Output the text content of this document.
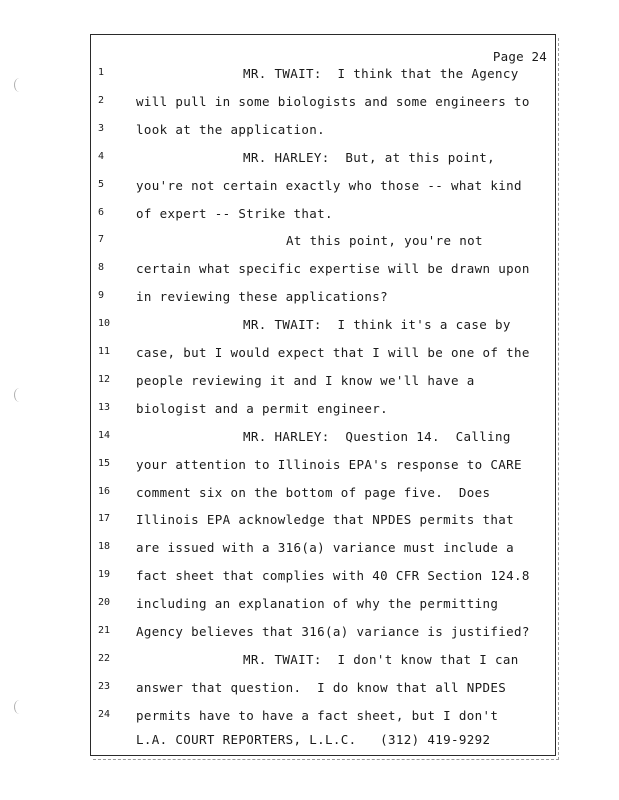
Page 24
1	MR. TWAIT:  I think that the Agency
2	will pull in some biologists and some engineers to
3	look at the application.
4	MR. HARLEY:  But, at this point,
5	you're not certain exactly who those -- what kind
6	of expert -- Strike that.
7	At this point, you're not
8	certain what specific expertise will be drawn upon
9	in reviewing these applications?
10	MR. TWAIT:  I think it's a case by
11	case, but I would expect that I will be one of the
12	people reviewing it and I know we'll have a
13	biologist and a permit engineer.
14	MR. HARLEY:  Question 14.  Calling
15	your attention to Illinois EPA's response to CARE
16	comment six on the bottom of page five.  Does
17	Illinois EPA acknowledge that NPDES permits that
18	are issued with a 316(a) variance must include a
19	fact sheet that complies with 40 CFR Section 124.8
20	including an explanation of why the permitting
21	Agency believes that 316(a) variance is justified?
22	MR. TWAIT:  I don't know that I can
23	answer that question.  I do know that all NPDES
24	permits have to have a fact sheet, but I don't
L.A. COURT REPORTERS, L.L.C.   (312) 419-9292
